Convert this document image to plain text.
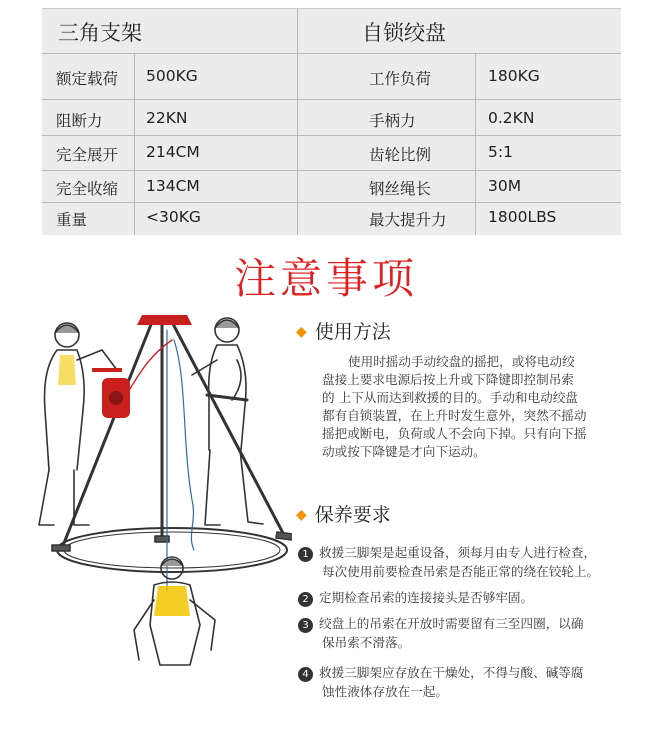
三角支架	自锁绞盘
额定载荷 500KG	工作负荷	180KG
阻断力	22KN	手柄力	0.2KN
完全展开 214CM	齿轮比例	5:1
完全收缩 134CM	钢丝绳长	30M
重量	<30KG	最大提升力	1800LBS
注意事项
◆ 使用方法
使用时摇动手动绞盘的摇把，或将电动绞
盘接上要求电源后按上升或下降键即控制吊索
的 上下从而达到救援的目的。手动和电动绞盘
都有自锁装置，在上升时发生意外，突然不摇动
摇把或断电，负荷或人不会向下掉。只有向下摇
动或按下降键是才向下运动。
◆ 保养要求
1 救援三脚架是起重设备，须每月由专人进行检查，
每次使用前要检查吊索是否能正常的绕在铰轮上。
2 定期检查吊索的连接接头是否够牢固。
3 绞盘上的吊索在开放时需要留有三至四圈，以确
保吊索不滑落。
4 救援三脚架应存放在干燥处，不得与酸、碱等腐
蚀性液体存放在一起。
